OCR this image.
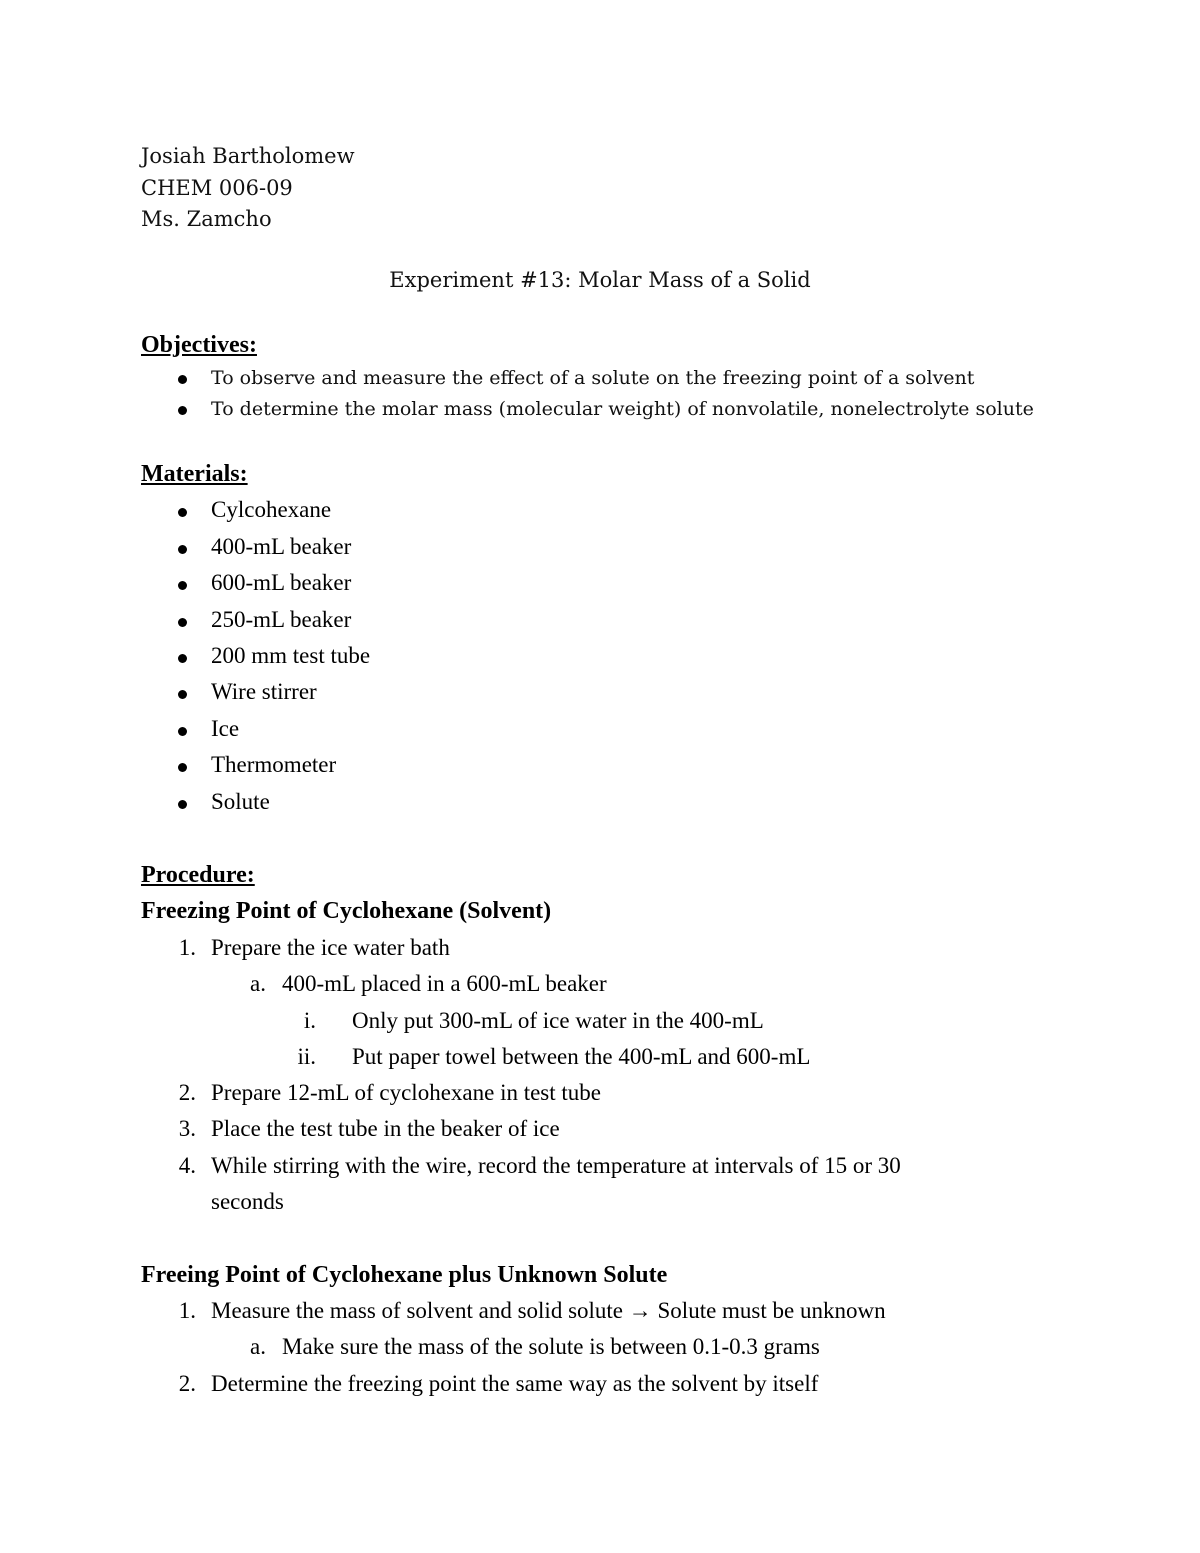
Josiah Bartholomew
CHEM 006-09
Ms. Zamcho
Experiment #13: Molar Mass of a Solid
Objectives:
To observe and measure the effect of a solute on the freezing point of a solvent
To determine the molar mass (molecular weight) of nonvolatile, nonelectrolyte solute
Materials:
Cylcohexane
400-mL beaker
600-mL beaker
250-mL beaker
200 mm test tube
Wire stirrer
Ice
Thermometer
Solute
Procedure:
Freezing Point of Cyclohexane (Solvent)
1. Prepare the ice water bath
a. 400-mL placed in a 600-mL beaker
i. Only put 300-mL of ice water in the 400-mL
ii. Put paper towel between the 400-mL and 600-mL
2. Prepare 12-mL of cyclohexane in test tube
3. Place the test tube in the beaker of ice
4. While stirring with the wire, record the temperature at intervals of 15 or 30
seconds
Freeing Point of Cyclohexane plus Unknown Solute
1. Measure the mass of solvent and solid solute → Solute must be unknown
a. Make sure the mass of the solute is between 0.1-0.3 grams
2. Determine the freezing point the same way as the solvent by itself
